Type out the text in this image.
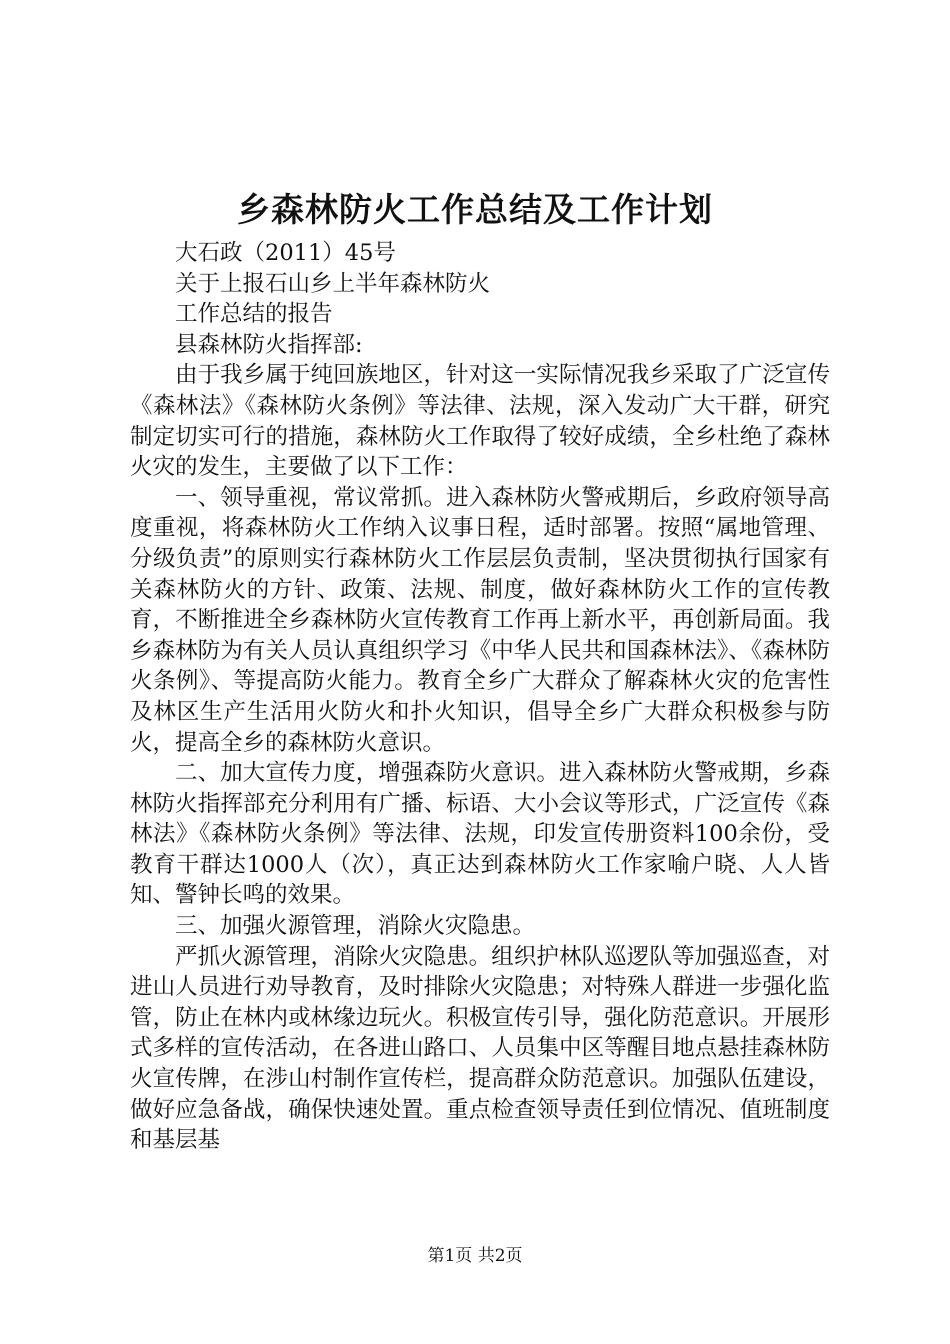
乡森林防火工作总结及工作计划

大石政（2011）45号

关于上报石山乡上半年森林防火

工作总结的报告

县森林防火指挥部:

由于我乡属于纯回族地区，针对这一实际情况我乡采取了广泛宣传《森林法》《森林防火条例》等法律、法规，深入发动广大干群，研究制定切实可行的措施，森林防火工作取得了较好成绩，全乡杜绝了森林火灾的发生，主要做了以下工作：

一、领导重视，常议常抓。进入森林防火警戒期后，乡政府领导高度重视，将森林防火工作纳入议事日程，适时部署。按照“属地管理、分级负责”的原则实行森林防火工作层层负责制，坚决贯彻执行国家有关森林防火的方针、政策、法规、制度，做好森林防火工作的宣传教育，不断推进全乡森林防火宣传教育工作再上新水平，再创新局面。我乡森林防为有关人员认真组织学习《中华人民共和国森林法》、《森林防火条例》、等提高防火能力。教育全乡广大群众了解森林火灾的危害性及林区生产生活用火防火和扑火知识，倡导全乡广大群众积极参与防火，提高全乡的森林防火意识。

二、加大宣传力度，增强森防火意识。进入森林防火警戒期，乡森林防火指挥部充分利用有广播、标语、大小会议等形式，广泛宣传《森林法》《森林防火条例》等法律、法规，印发宣传册资料100余份，受教育干群达1000人（次），真正达到森林防火工作家喻户晓、人人皆知、警钟长鸣的效果。

三、加强火源管理，消除火灾隐患。

严抓火源管理，消除火灾隐患。组织护林队巡逻队等加强巡查，对进山人员进行劝导教育，及时排除火灾隐患；对特殊人群进一步强化监管，防止在林内或林缘边玩火。积极宣传引导，强化防范意识。开展形式多样的宣传活动，在各进山路口、人员集中区等醒目地点悬挂森林防火宣传牌，在涉山村制作宣传栏，提高群众防范意识。加强队伍建设，做好应急备战，确保快速处置。重点检查领导责任到位情况、值班制度和基层基

第1页 共2页
